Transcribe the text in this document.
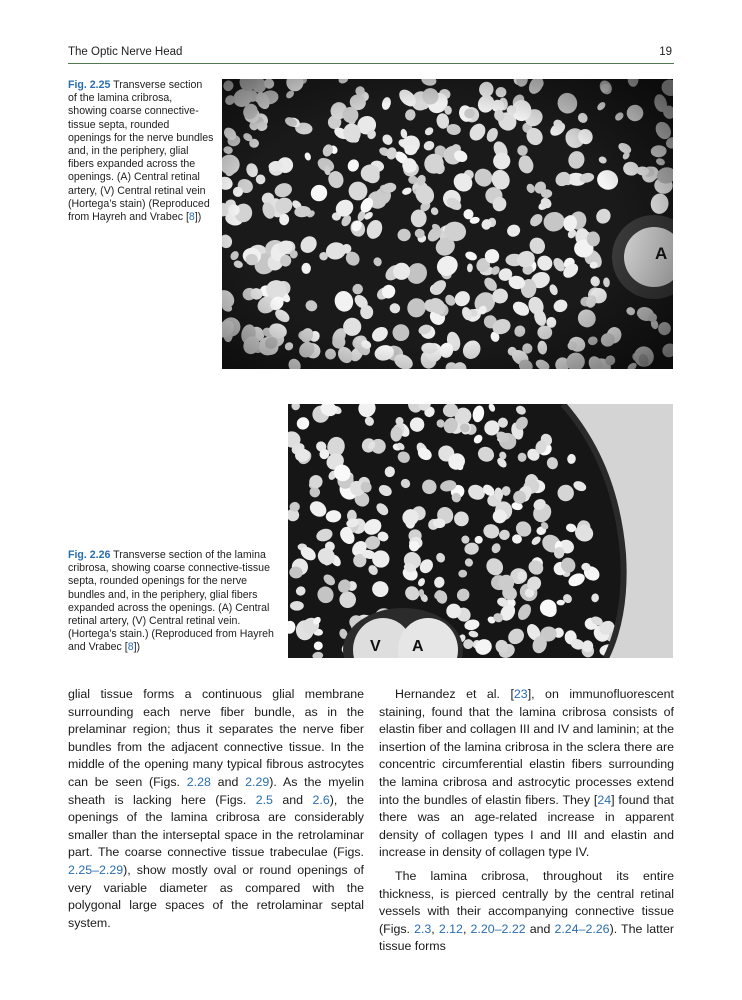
The Optic Nerve Head	19
Fig. 2.25 Transverse section of the lamina cribrosa, showing coarse connective-tissue septa, rounded openings for the nerve bundles and, in the periphery, glial fibers expanded across the openings. (A) Central retinal artery, (V) Central retinal vein (Hortega’s stain) (Reproduced from Hayreh and Vrabec [8])
A
V A
Fig. 2.26 Transverse section of the lamina cribrosa, showing coarse connective-tissue septa, rounded openings for the nerve bundles and, in the periphery, glial fibers expanded across the openings. (A) Central retinal artery, (V) Central retinal vein. (Hortega’s stain.) (Reproduced from Hayreh and Vrabec [8])

glial tissue forms a continuous glial membrane surrounding each nerve fiber bundle, as in the prelaminar region; thus it separates the nerve fiber bundles from the adjacent connective tissue. In the middle of the opening many typical fibrous astrocytes can be seen (Figs. 2.28 and 2.29). As the myelin sheath is lacking here (Figs. 2.5 and 2.6), the openings of the lamina cribrosa are considerably smaller than the interseptal space in the retrolaminar part. The coarse connective tissue trabeculae (Figs. 2.25–2.29), show mostly oval or round openings of very variable diameter as compared with the polygonal large spaces of the retrolaminar septal system.

Hernandez et al. [23], on immunofluorescent staining, found that the lamina cribrosa consists of elastin fiber and collagen III and IV and laminin; at the insertion of the lamina cribrosa in the sclera there are concentric circumferential elastin fibers surrounding the lamina cribrosa and astrocytic processes extend into the bundles of elastin fibers. They [24] found that there was an age-related increase in apparent density of collagen types I and III and elastin and increase in density of collagen type IV.

The lamina cribrosa, throughout its entire thickness, is pierced centrally by the central retinal vessels with their accompanying connective tissue (Figs. 2.3, 2.12, 2.20–2.22 and 2.24–2.26). The latter tissue forms
